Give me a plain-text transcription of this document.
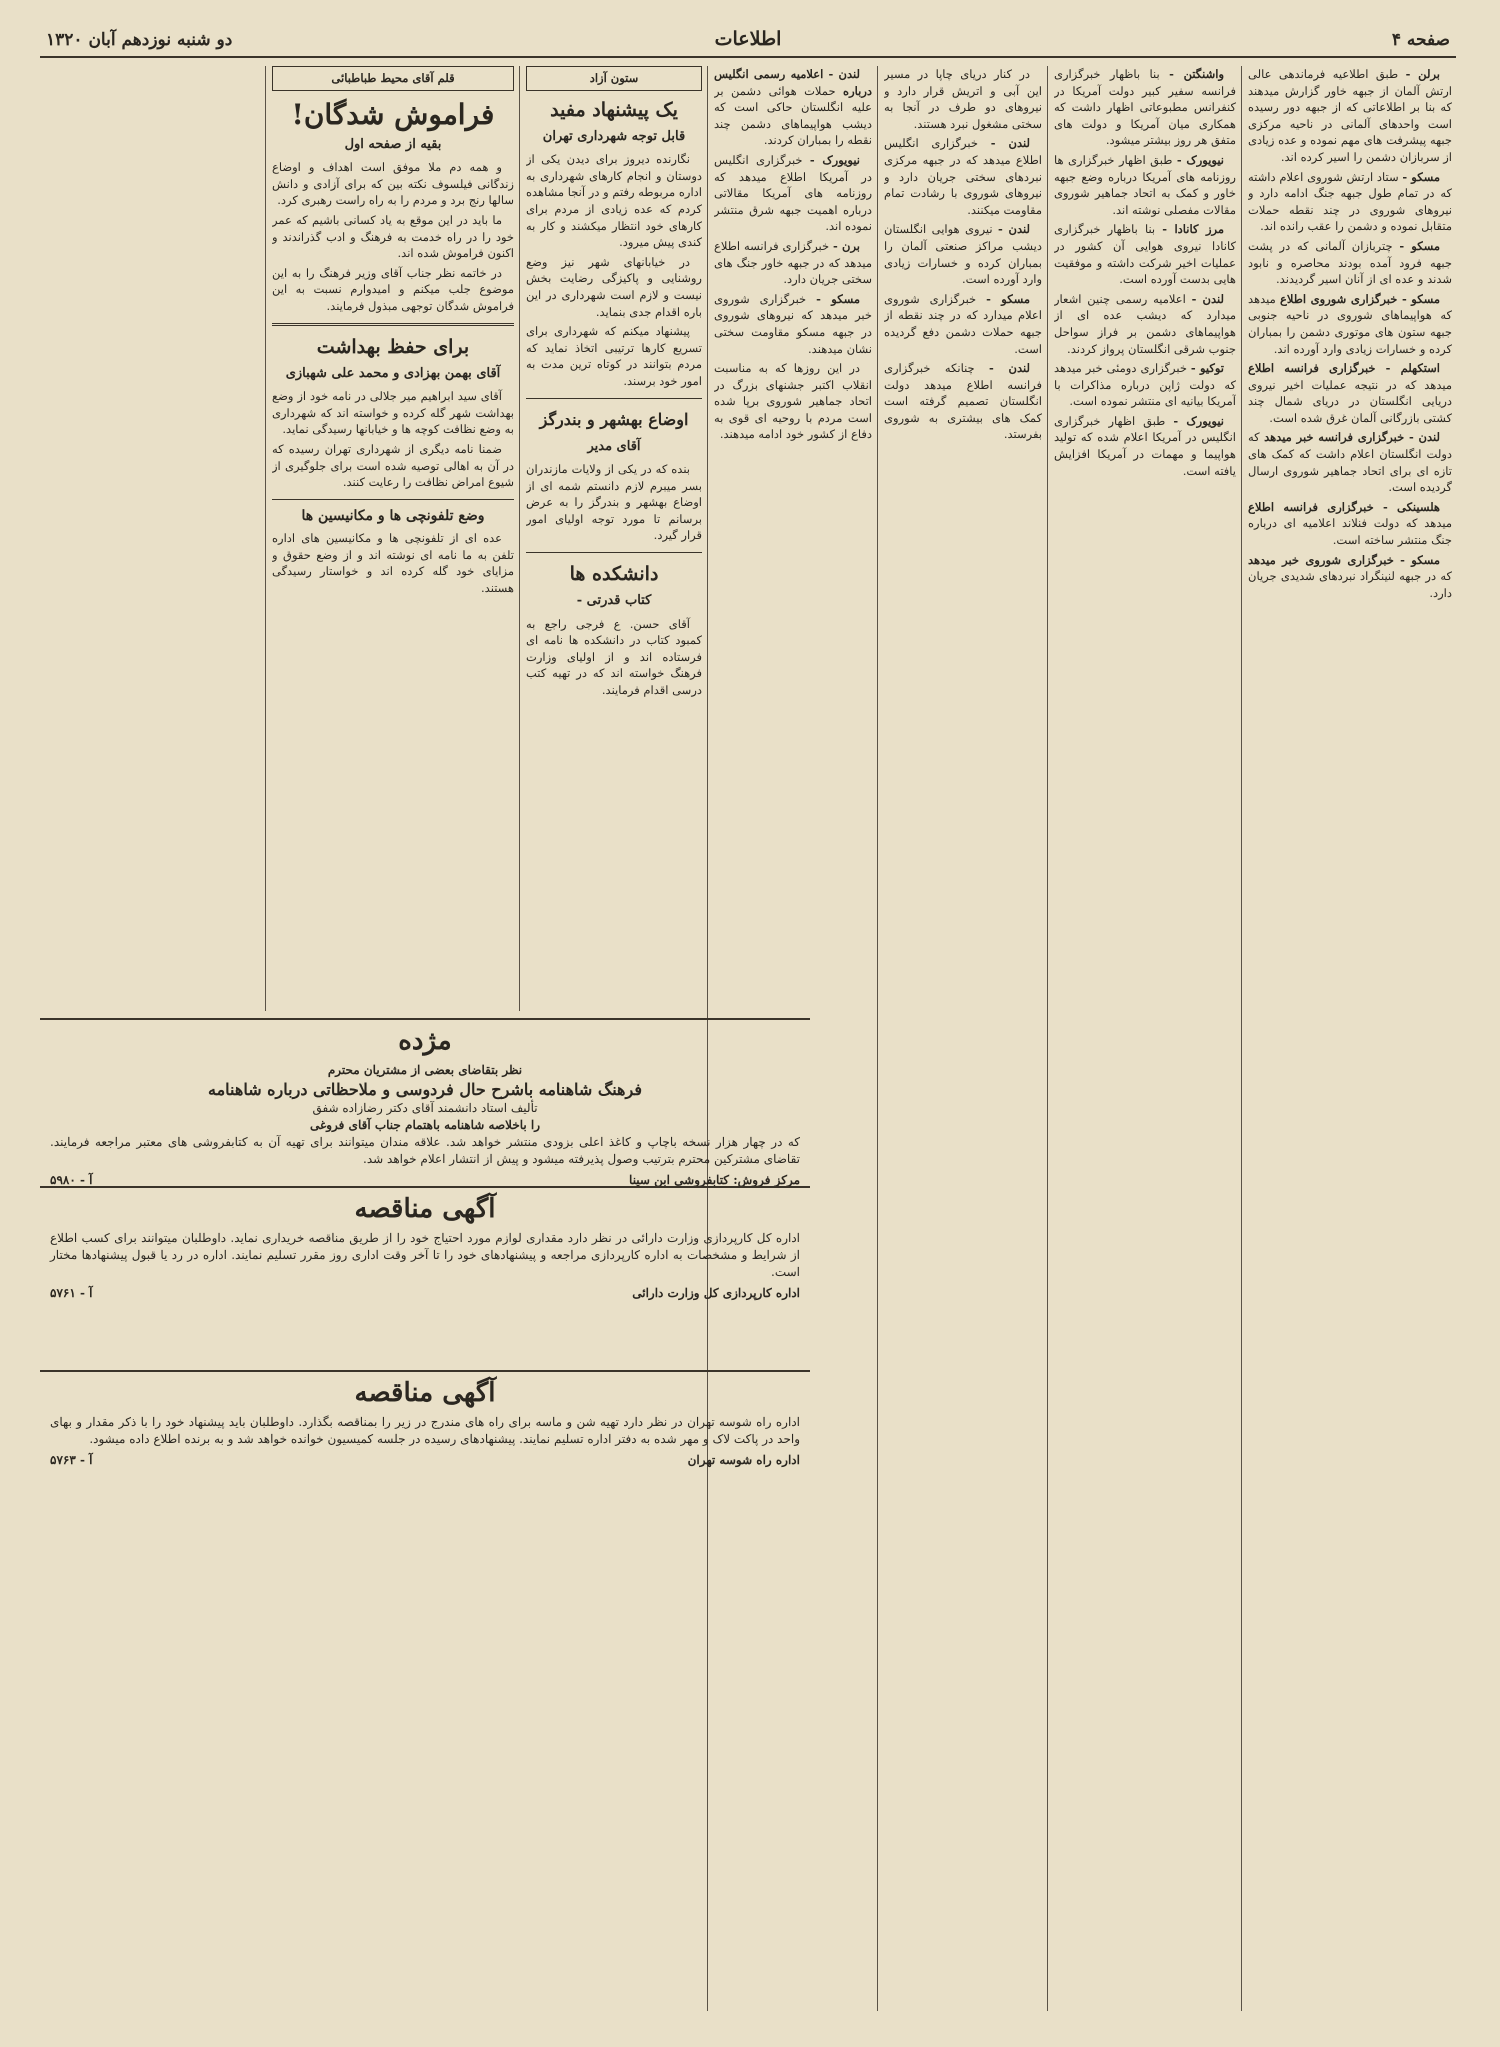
صفحه ۴
اطلاعات
دو شنبه نوزدهم آبان ۱۳۲۰

برلن - طبق اطلاعیه فرماندهی عالی ارتش آلمان از جبهه خاور گزارش میدهند که بنا بر اطلاعاتی که از جبهه دور رسیده است واحدهای آلمانی در ناحیه مرکزی جبهه پیشرفت های مهم نموده و عده زیادی از سربازان دشمن را اسیر کرده اند.

مسکو - ستاد ارتش شوروی اعلام داشته که در تمام طول جبهه جنگ ادامه دارد و نیروهای شوروی در چند نقطه حملات متقابل نموده و دشمن را عقب رانده اند.

مسکو - چتربازان آلمانی که در پشت جبهه فرود آمده بودند محاصره و نابود شدند و عده ای از آنان اسیر گردیدند.

مسکو - خبرگزاری شوروی اطلاع میدهد که هواپیماهای شوروی در ناحیه جنوبی جبهه ستون های موتوری دشمن را بمباران کرده و خسارات زیادی وارد آورده اند.

استکهلم - خبرگزاری فرانسه اطلاع میدهد که در نتیجه عملیات اخیر نیروی دریایی انگلستان در دریای شمال چند کشتی بازرگانی آلمان غرق شده است.

لندن - خبرگزاری فرانسه خبر میدهد که دولت انگلستان اعلام داشت که کمک های تازه ای برای اتحاد جماهیر شوروی ارسال گردیده است.

هلسینکی - خبرگزاری فرانسه اطلاع میدهد که دولت فنلاند اعلامیه ای درباره جنگ منتشر ساخته است.

مسکو - خبرگزاری شوروی خبر میدهد که در جبهه لنینگراد نبردهای شدیدی جریان دارد.

واشنگتن - بنا باظهار خبرگزاری فرانسه سفیر کبیر دولت آمریکا در کنفرانس مطبوعاتی اظهار داشت که همکاری میان آمریکا و دولت های متفق هر روز بیشتر میشود.

نیویورک - طبق اظهار خبرگزاری ها روزنامه های آمریکا درباره وضع جبهه خاور و کمک به اتحاد جماهیر شوروی مقالات مفصلی نوشته اند.

مرز کانادا - بنا باظهار خبرگزاری کانادا نیروی هوایی آن کشور در عملیات اخیر شرکت داشته و موفقیت هایی بدست آورده است.

لندن - اعلامیه رسمی چنین اشعار میدارد که دیشب عده ای از هواپیماهای دشمن بر فراز سواحل جنوب شرقی انگلستان پرواز کردند.

توکیو - خبرگزاری دومئی خبر میدهد که دولت ژاپن درباره مذاکرات با آمریکا بیانیه ای منتشر نموده است.

نیویورک - طبق اظهار خبرگزاری انگلیس در آمریکا اعلام شده که تولید هواپیما و مهمات در آمریکا افزایش یافته است.

در کنار دریای چاپا در مسیر این آبی و اتریش قرار دارد و نیروهای دو طرف در آنجا به سختی مشغول نبرد هستند.

لندن - خبرگزاری انگلیس اطلاع میدهد که در جبهه مرکزی نبردهای سختی جریان دارد و نیروهای شوروی با رشادت تمام مقاومت میکنند.

لندن - نیروی هوایی انگلستان دیشب مراکز صنعتی آلمان را بمباران کرده و خسارات زیادی وارد آورده است.

مسکو - خبرگزاری شوروی اعلام میدارد که در چند نقطه از جبهه حملات دشمن دفع گردیده است.

لندن - چنانکه خبرگزاری فرانسه اطلاع میدهد دولت انگلستان تصمیم گرفته است کمک های بیشتری به شوروی بفرستد.

لندن - اعلامیه رسمی انگلیس درباره حملات هوائی دشمن بر علیه انگلستان حاکی است که دیشب هواپیماهای دشمن چند نقطه را بمباران کردند.

نیویورک - خبرگزاری انگلیس در آمریکا اطلاع میدهد که روزنامه های آمریکا مقالاتی درباره اهمیت جبهه شرق منتشر نموده اند.

برن - خبرگزاری فرانسه اطلاع میدهد که در جبهه خاور جنگ های سختی جریان دارد.

مسکو - خبرگزاری شوروی خبر میدهد که نیروهای شوروی در جبهه مسکو مقاومت سختی نشان میدهند.

در این روزها که به مناسبت انقلاب اکتبر جشنهای بزرگ در اتحاد جماهیر شوروی برپا شده است مردم با روحیه ای قوی به دفاع از کشور خود ادامه میدهند.

ستون آزاد
یک پیشنهاد مفید
قابل توجه شهرداری تهران

نگارنده دیروز برای دیدن یکی از دوستان و انجام کارهای شهرداری به اداره مربوطه رفتم و در آنجا مشاهده کردم که عده زیادی از مردم برای کارهای خود انتظار میکشند و کار به کندی پیش میرود.

در خیابانهای شهر نیز وضع روشنایی و پاکیزگی رضایت بخش نیست و لازم است شهرداری در این باره اقدام جدی بنماید.

پیشنهاد میکنم که شهرداری برای تسریع کارها ترتیبی اتخاذ نماید که مردم بتوانند در کوتاه ترین مدت به امور خود برسند.

اوضاع بهشهر و بندرگز
آقای مدیر

بنده که در یکی از ولایات مازندران بسر میبرم لازم دانستم شمه ای از اوضاع بهشهر و بندرگز را به عرض برسانم تا مورد توجه اولیای امور قرار گیرد.

دانشکده ها
کتاب قدرتی -

آقای حسن. ع فرجی راجع به کمبود کتاب در دانشکده ها نامه ای فرستاده اند و از اولیای وزارت فرهنگ خواسته اند که در تهیه کتب درسی اقدام فرمایند.

قلم آقای محیط طباطبائی
فراموش شدگان!
بقیه از صفحه اول

و همه دم ملا موفق است اهداف و اوضاع زندگانی فیلسوف نکته بین که برای آزادی و دانش سالها رنج برد و مردم را به راه راست رهبری کرد.

ما باید در این موقع به یاد کسانی باشیم که عمر خود را در راه خدمت به فرهنگ و ادب گذراندند و اکنون فراموش شده اند.

در خاتمه نظر جناب آقای وزیر فرهنگ را به این موضوع جلب میکنم و امیدوارم نسبت به این فراموش شدگان توجهی مبذول فرمایند.

برای حفظ بهداشت
آقای بهمن بهزادی و محمد علی شهبازی

آقای سید ابراهیم میر جلالی در نامه خود از وضع بهداشت شهر گله کرده و خواسته اند که شهرداری به وضع نظافت کوچه ها و خیابانها رسیدگی نماید.

ضمنا نامه دیگری از شهرداری تهران رسیده که در آن به اهالی توصیه شده است برای جلوگیری از شیوع امراض نظافت را رعایت کنند.

وضع تلفونچی ها و مکانیسین ها

عده ای از تلفونچی ها و مکانیسین های اداره تلفن به ما نامه ای نوشته اند و از وضع حقوق و مزایای خود گله کرده اند و خواستار رسیدگی هستند.

مژده
نظر بتقاضای بعضی از مشتریان محترم
فرهنگ شاهنامه باشرح حال فردوسی و ملاحظاتی درباره شاهنامه
تألیف استاد دانشمند آقای دکتر رضازاده شفق
را باخلاصه شاهنامه باهتمام جناب آقای فروغی
که در چهار هزار نسخه باچاپ و کاغذ اعلی بزودی منتشر خواهد شد. علاقه مندان میتوانند برای تهیه آن به کتابفروشی های معتبر مراجعه فرمایند. تقاضای مشترکین محترم بترتیب وصول پذیرفته میشود و پیش از انتشار اعلام خواهد شد.
مرکز فروش: کتابفروشی ابن سینا
آ - ۵۹۸۰
آگهی مناقصه
اداره کل کارپردازی وزارت دارائی در نظر دارد مقداری لوازم مورد احتیاج خود را از طریق مناقصه خریداری نماید. داوطلبان میتوانند برای کسب اطلاع از شرایط و مشخصات به اداره کارپردازی مراجعه و پیشنهادهای خود را تا آخر وقت اداری روز مقرر تسلیم نمایند. اداره در رد یا قبول پیشنهادها مختار است.
اداره کارپردازی کل وزارت دارائی
آ - ۵۷۶۱
آگهی مناقصه
اداره راه شوسه تهران در نظر دارد تهیه شن و ماسه برای راه های مندرج در زیر را بمناقصه بگذارد. داوطلبان باید پیشنهاد خود را با ذکر مقدار و بهای واحد در پاکت لاک و مهر شده به دفتر اداره تسلیم نمایند. پیشنهادهای رسیده در جلسه کمیسیون خوانده خواهد شد و به برنده اطلاع داده میشود.
اداره راه شوسه تهران
آ - ۵۷۶۳
